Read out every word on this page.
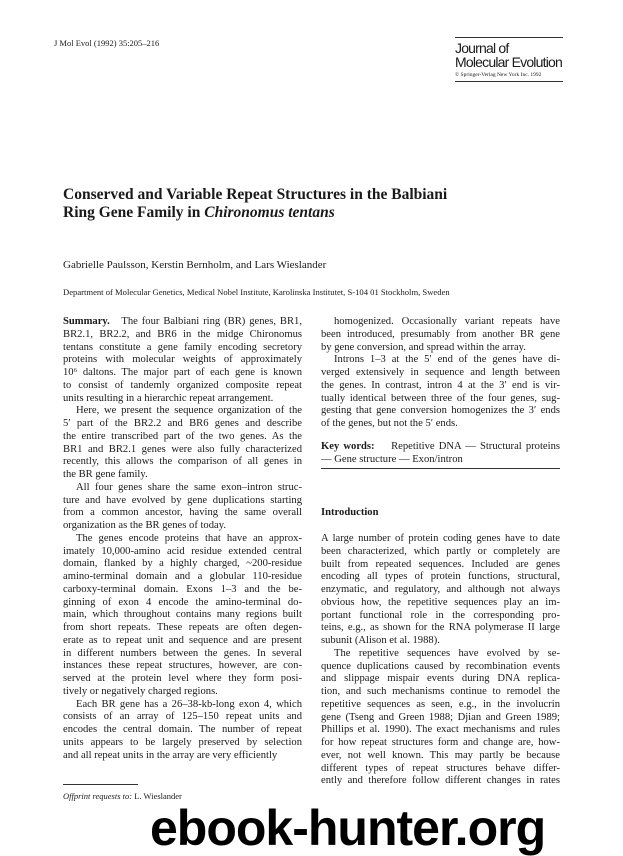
J Mol Evol (1992) 35:205–216	Journal of
Molecular Evolution
© Springer-Verlag New York Inc. 1992
Conserved and Variable Repeat Structures in the Balbiani
Ring Gene Family in Chironomus tentans
Gabrielle Paulsson, Kerstin Bernholm, and Lars Wieslander
Department of Molecular Genetics, Medical Nobel Institute, Karolinska Institutet, S-104 01 Stockholm, Sweden
Summary. The four Balbiani ring (BR) genes, BR1,
BR2.1, BR2.2, and BR6 in the midge Chironomus
tentans constitute a gene family encoding secretory
proteins with molecular weights of approximately
10⁶ daltons. The major part of each gene is known
to consist of tandemly organized composite repeat
units resulting in a hierarchic repeat arrangement.
Here, we present the sequence organization of the
5′ part of the BR2.2 and BR6 genes and describe
the entire transcribed part of the two genes. As the
BR1 and BR2.1 genes were also fully characterized
recently, this allows the comparison of all genes in
the BR gene family.
All four genes share the same exon–intron struc-
ture and have evolved by gene duplications starting
from a common ancestor, having the same overall
organization as the BR genes of today.
The genes encode proteins that have an approx-
imately 10,000-amino acid residue extended central
domain, flanked by a highly charged, ~200-residue
amino-terminal domain and a globular 110-residue
carboxy-terminal domain. Exons 1–3 and the be-
ginning of exon 4 encode the amino-terminal do-
main, which throughout contains many regions built
from short repeats. These repeats are often degen-
erate as to repeat unit and sequence and are present
in different numbers between the genes. In several
instances these repeat structures, however, are con-
served at the protein level where they form posi-
tively or negatively charged regions.
Each BR gene has a 26–38-kb-long exon 4, which
consists of an array of 125–150 repeat units and
encodes the central domain. The number of repeat
units appears to be largely preserved by selection
and all repeat units in the array are very efficiently
Offprint requests to: L. Wieslander
homogenized. Occasionally variant repeats have
been introduced, presumably from another BR gene
by gene conversion, and spread within the array.
Introns 1–3 at the 5′ end of the genes have di-
verged extensively in sequence and length between
the genes. In contrast, intron 4 at the 3′ end is vir-
tually identical between three of the four genes, sug-
gesting that gene conversion homogenizes the 3′ ends
of the genes, but not the 5′ ends.
Key words: Repetitive DNA — Structural proteins
— Gene structure — Exon/intron
Introduction
A large number of protein coding genes have to date
been characterized, which partly or completely are
built from repeated sequences. Included are genes
encoding all types of protein functions, structural,
enzymatic, and regulatory, and although not always
obvious how, the repetitive sequences play an im-
portant functional role in the corresponding pro-
teins, e.g., as shown for the RNA polymerase II large
subunit (Alison et al. 1988).
The repetitive sequences have evolved by se-
quence duplications caused by recombination events
and slippage mispair events during DNA replica-
tion, and such mechanisms continue to remodel the
repetitive sequences as seen, e.g., in the involucrin
gene (Tseng and Green 1988; Djian and Green 1989;
Phillips et al. 1990). The exact mechanisms and rules
for how repeat structures form and change are, how-
ever, not well known. This may partly be because
different types of repeat structures behave differ-
ently and therefore follow different changes in rates
ebook-hunter.org
